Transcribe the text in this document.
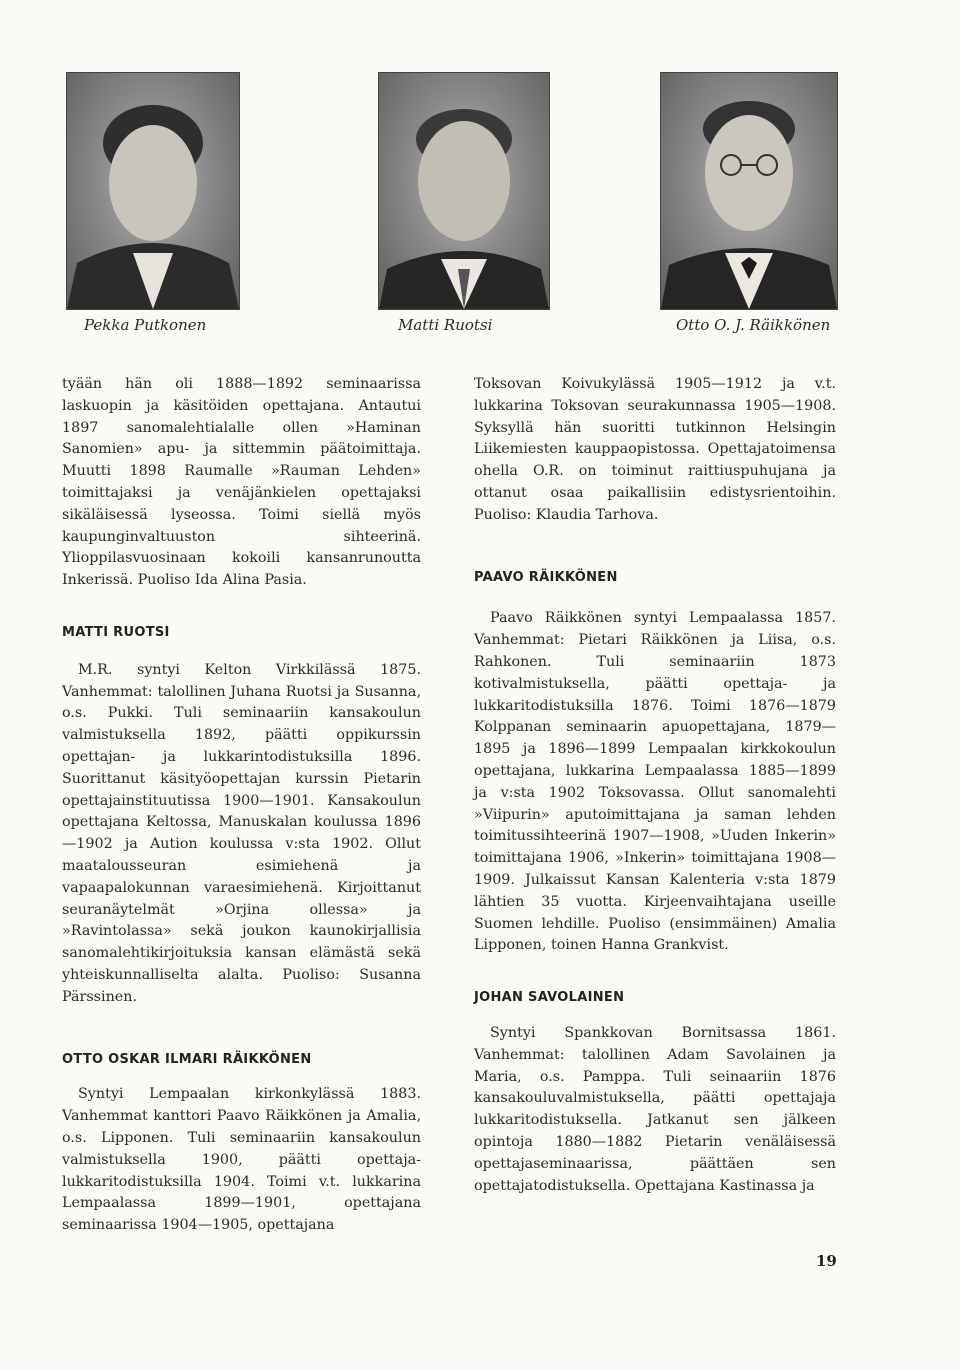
Pekka Putkonen	Matti Ruotsi	Otto O. J. Räikkönen

tyään hän oli 1888—1892 seminaarissa laskuopin ja käsitöiden opettajana. Antautui 1897 sanomalehtialalle ollen »Haminan Sanomien» apu- ja sittemmin päätoimittaja. Muutti 1898 Raumalle »Rauman Lehden» toimittajaksi ja venäjänkielen opettajaksi sikäläisessä lyseossa. Toimi siellä myös kaupunginvaltuuston sihteerinä. Ylioppilasvuosinaan kokoili kansanrunoutta Inkerissä. Puoliso Ida Alina Pasia.

MATTI RUOTSI

M.R. syntyi Kelton Virkkilässä 1875. Vanhemmat: talollinen Juhana Ruotsi ja Susanna, o.s. Pukki. Tuli seminaariin kansakoulun valmistuksella 1892, päätti oppikurssin opettajan- ja lukkarintodistuksilla 1896. Suorittanut käsityöopettajan kurssin Pietarin opettajainstituutissa 1900—1901. Kansakoulun opettajana Keltossa, Manuskalan koulussa 1896—1902 ja Aution koulussa v:sta 1902. Ollut maatalousseuran esimiehenä ja vapaapalokunnan varaesimiehenä. Kirjoittanut seuranäytelmät »Orjina ollessa» ja »Ravintolassa» sekä joukon kaunokirjallisia sanomalehtikirjoituksia kansan elämästä sekä yhteiskunnalliselta alalta. Puoliso: Susanna Pärssinen.

OTTO OSKAR ILMARI RÄIKKÖNEN

Syntyi Lempaalan kirkonkylässä 1883. Vanhemmat kanttori Paavo Räikkönen ja Amalia, o.s. Lipponen. Tuli seminaariin kansakoulun valmistuksella 1900, päätti opettaja-lukkaritodistuksilla 1904. Toimi v.t. lukkarina Lempaalassa 1899—1901, opettajana seminaarissa 1904—1905, opettajana

Toksovan Koivukylässä 1905—1912 ja v.t. lukkarina Toksovan seurakunnassa 1905—1908. Syksyllä hän suoritti tutkinnon Helsingin Liikemiesten kauppaopistossa. Opettajatoimensa ohella O.R. on toiminut raittiuspuhujana ja ottanut osaa paikallisiin edistysrientoihin. Puoliso: Klaudia Tarhova.

PAAVO RÄIKKÖNEN

Paavo Räikkönen syntyi Lempaalassa 1857. Vanhemmat: Pietari Räikkönen ja Liisa, o.s. Rahkonen. Tuli seminaariin 1873 kotivalmistuksella, päätti opettaja- ja lukkaritodistuksilla 1876. Toimi 1876—1879 Kolppanan seminaarin apuopettajana, 1879—1895 ja 1896—1899 Lempaalan kirkkokoulun opettajana, lukkarina Lempaalassa 1885—1899 ja v:sta 1902 Toksovassa. Ollut sanomalehti »Viipurin» aputoimittajana ja saman lehden toimitussihteerinä 1907—1908, »Uuden Inkerin» toimittajana 1906, »Inkerin» toimittajana 1908—1909. Julkaissut Kansan Kalenteria v:sta 1879 lähtien 35 vuotta. Kirjeenvaihtajana useille Suomen lehdille. Puoliso (ensimmäinen) Amalia Lipponen, toinen Hanna Grankvist.

JOHAN SAVOLAINEN

Syntyi Spankkovan Bornitsassa 1861. Vanhemmat: talollinen Adam Savolainen ja Maria, o.s. Pamppa. Tuli seinaariin 1876 kansakouluvalmistuksella, päätti opettajaja lukkaritodistuksella. Jatkanut sen jälkeen opintoja 1880—1882 Pietarin venäläisessä opettajaseminaarissa, päättäen sen opettajatodistuksella. Opettajana Kastinassa ja

19
